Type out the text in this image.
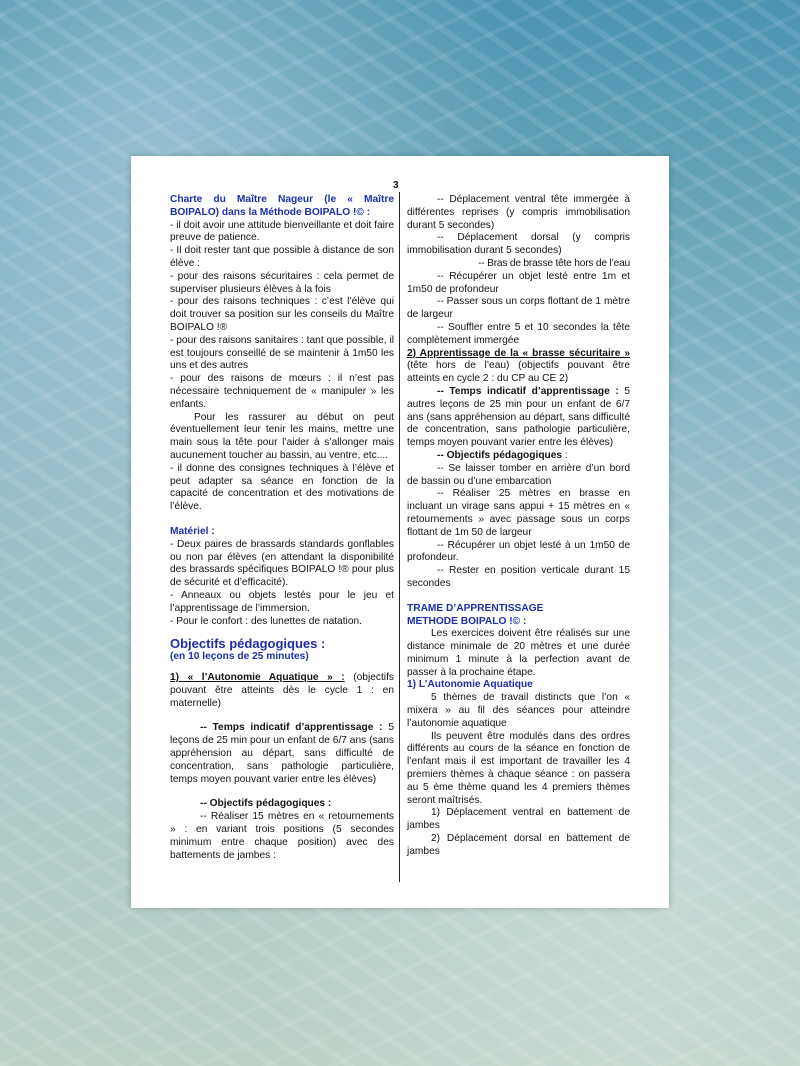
3

Charte du Maître Nageur (le « Maître BOIPALO) dans la Méthode BOIPALO !© :

- il doit avoir une attitude bienveillante et doit faire preuve de patience.

- Il doit rester tant que possible à distance de son élève :

- pour des raisons sécuritaires : cela permet de superviser plusieurs élèves à la fois

- pour des raisons techniques : c’est l’élève qui doit trouver sa position sur les conseils du Maître BOIPALO !®

- pour des raisons sanitaires : tant que possible, il est toujours conseillé de se maintenir à 1m50 les uns et des autres

- pour des raisons de mœurs : il n’est pas nécessaire techniquement de « manipuler » les enfants.

Pour les rassurer au début on peut éventuellement leur tenir les mains, mettre une main sous la tête pour l’aider à s’allonger mais aucunement toucher au bassin, au ventre, etc....

- il donne des consignes techniques à l’élève et peut adapter sa séance en fonction de la capacité de concentration et des motivations de l’élève.

Matériel :

- Deux paires de brassards standards gonflables ou non par élèves (en attendant la disponibilité des brassards spécifiques BOIPALO !® pour plus de sécurité et d’efficacité).

- Anneaux ou objets lestés pour le jeu et l’apprentissage de l’immersion.

- Pour le confort : des lunettes de natation.

Objectifs pédagogiques :

(en 10 leçons de 25 minutes)

1) « l’Autonomie Aquatique » : (objectifs pouvant être atteints dès le cycle 1 : en maternelle)

-- Temps indicatif d’apprentissage : 5 leçons de 25 min pour un enfant de 6/7 ans (sans appréhension au départ, sans difficulté de concentration, sans pathologie particulière, temps moyen pouvant varier entre les élèves)

-- Objectifs pédagogiques :

-- Réaliser 15 mètres en « retournements » : en variant trois positions (5 secondes minimum entre chaque position) avec des battements de jambes :

-- Déplacement ventral tête immergée à différentes reprises (y compris immobilisation durant 5 secondes)

-- Déplacement dorsal (y compris immobilisation durant 5 secondes)

-- Bras de brasse tête hors de l’eau

-- Récupérer un objet lesté entre 1m et 1m50 de profondeur

-- Passer sous un corps flottant de 1 mètre de largeur

-- Souffler entre 5 et 10 secondes la tête complètement immergée

2) Apprentissage de la « brasse sécuritaire » (tête hors de l’eau) (objectifs pouvant être atteints en cycle 2 : du CP au CE 2)

-- Temps indicatif d’apprentissage : 5 autres leçons de 25 min pour un enfant de 6/7 ans (sans appréhension au départ, sans difficulté de concentration, sans pathologie particulière, temps moyen pouvant varier entre les élèves)

-- Objectifs pédagogiques :

-- Se laisser tomber en arrière d’un bord de bassin ou d’une embarcation

-- Réaliser 25 mètres en brasse en incluant un virage sans appui + 15 mètres en « retournements » avec passage sous un corps flottant de 1m 50 de largeur

-- Récupérer un objet lesté à un 1m50 de profondeur.

-- Rester en position verticale durant 15 secondes

TRAME D’APPRENTISSAGE

METHODE BOIPALO !© :

Les exercices doivent être réalisés sur une distance minimale de 20 mètres et une durée minimum 1 minute à la perfection avant de passer à la prochaine étape.

1) L’Autonomie Aquatique

5 thèmes de travail distincts que l’on « mixera » au fil des séances pour atteindre l’autonomie aquatique

Ils peuvent être modulés dans des ordres différents au cours de la séance en fonction de l’enfant mais il est important de travailler les 4 premiers thèmes à chaque séance : on passera au 5 ème thème quand les 4 premiers thèmes seront maîtrisés.

1) Déplacement ventral en battement de jambes

2) Déplacement dorsal en battement de jambes
